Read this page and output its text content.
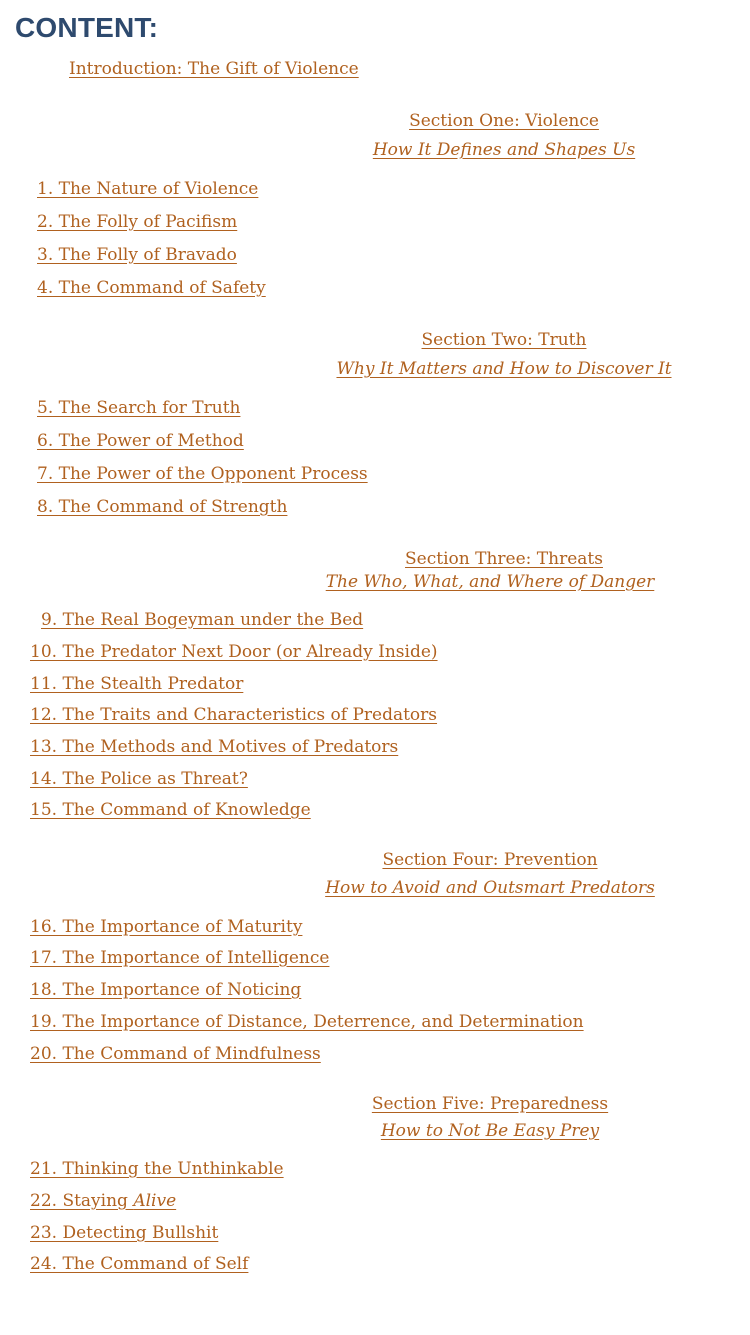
CONTENT:
Introduction: The Gift of Violence
Section One: Violence
How It Defines and Shapes Us
1. The Nature of Violence
2. The Folly of Pacifism
3. The Folly of Bravado
4. The Command of Safety
Section Two: Truth
Why It Matters and How to Discover It
5. The Search for Truth
6. The Power of Method
7. The Power of the Opponent Process
8. The Command of Strength
Section Three: Threats
The Who, What, and Where of Danger
9. The Real Bogeyman under the Bed
10. The Predator Next Door (or Already Inside)
11. The Stealth Predator
12. The Traits and Characteristics of Predators
13. The Methods and Motives of Predators
14. The Police as Threat?
15. The Command of Knowledge
Section Four: Prevention
How to Avoid and Outsmart Predators
16. The Importance of Maturity
17. The Importance of Intelligence
18. The Importance of Noticing
19. The Importance of Distance, Deterrence, and Determination
20. The Command of Mindfulness
Section Five: Preparedness
How to Not Be Easy Prey
21. Thinking the Unthinkable
22. Staying Alive
23. Detecting Bullshit
24. The Command of Self
